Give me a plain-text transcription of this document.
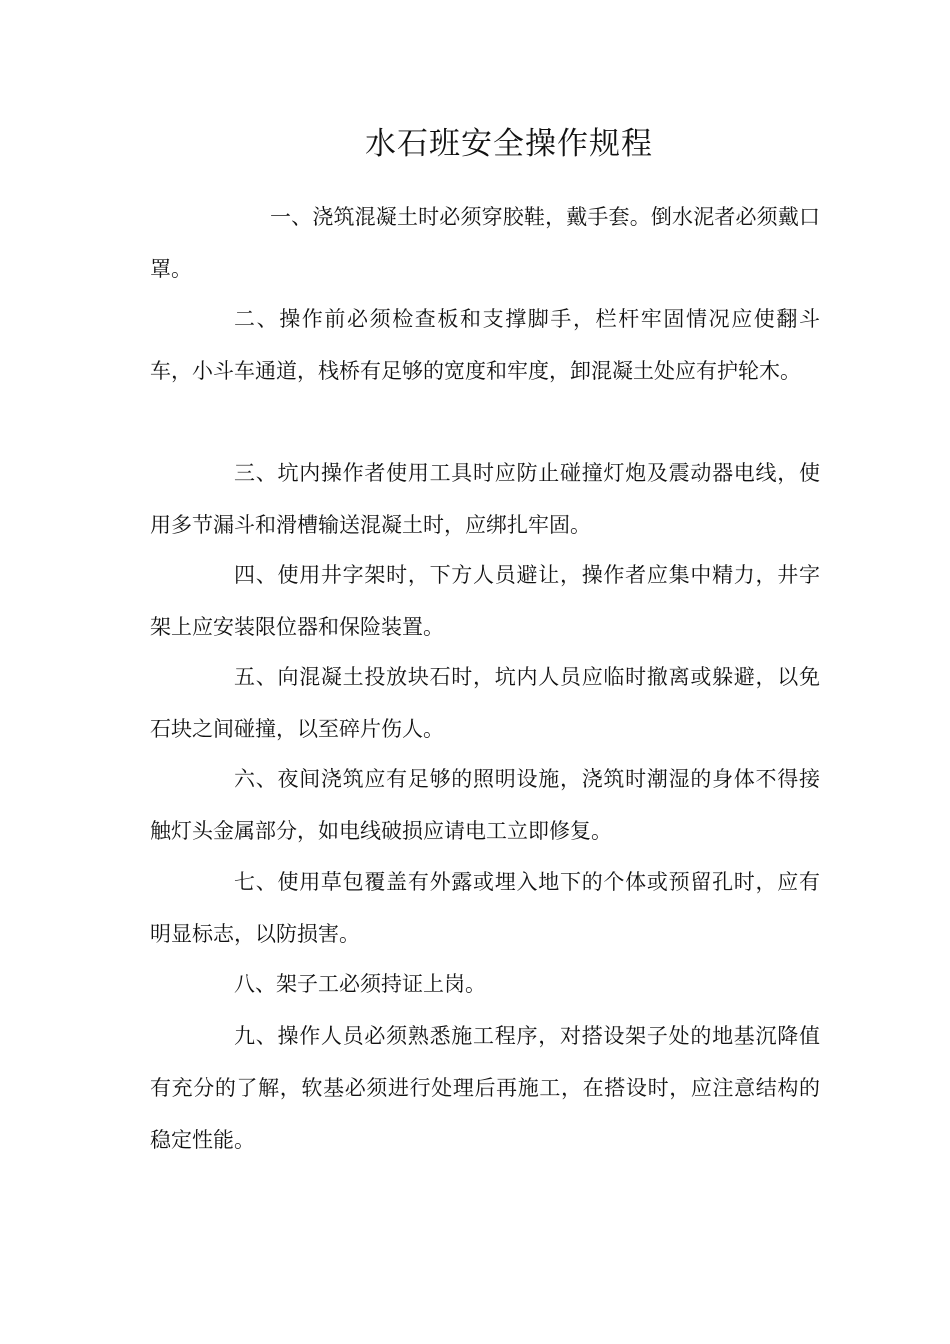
水石班安全操作规程

一、浇筑混凝土时必须穿胶鞋，戴手套。倒水泥者必须戴口罩。

二、操作前必须检查板和支撑脚手，栏杆牢固情况应使翻斗车，小斗车通道，栈桥有足够的宽度和牢度，卸混凝土处应有护轮木。

三、坑内操作者使用工具时应防止碰撞灯炮及震动器电线，使用多节漏斗和滑槽输送混凝土时，应绑扎牢固。

四、使用井字架时，下方人员避让，操作者应集中精力，井字架上应安装限位器和保险装置。

五、向混凝土投放块石时，坑内人员应临时撤离或躲避，以免石块之间碰撞，以至碎片伤人。

六、夜间浇筑应有足够的照明设施，浇筑时潮湿的身体不得接触灯头金属部分，如电线破损应请电工立即修复。

七、使用草包覆盖有外露或埋入地下的个体或预留孔时，应有明显标志，以防损害。

八、架子工必须持证上岗。

九、操作人员必须熟悉施工程序，对搭设架子处的地基沉降值有充分的了解，软基必须进行处理后再施工，在搭设时，应注意结构的稳定性能。
